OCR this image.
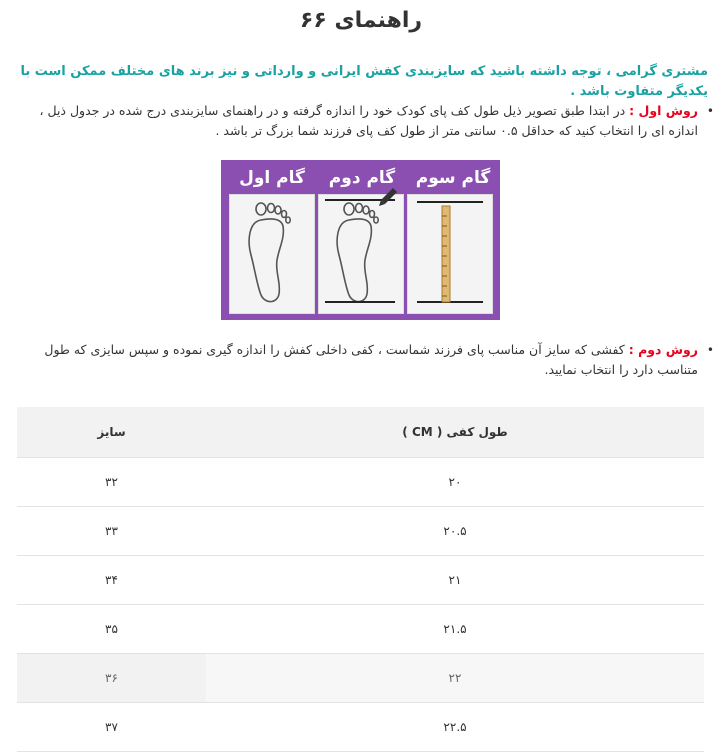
راهنمای ۶۶
مشتری گرامی ، توجه داشته باشید که سایزبندی کفش ایرانی و وارداتی و نیز برند های مختلف ممکن است با یکدیگر متفاوت باشد .
•
روش اول : در ابتدا طبق تصویر ذیل طول کف پای کودک خود را اندازه گرفته و در راهنمای سایزبندی درج شده در جدول ذیل ، اندازه ای را انتخاب کنید که حداقل ۰.۵ سانتی متر از طول کف پای فرزند شما بزرگ تر باشد .
گام اول	گام دوم	گام سوم
•
روش دوم : کفشی که سایز آن مناسب پای فرزند شماست ، کفی داخلی کفش را اندازه گیری نموده و سپس سایزی که طول متناسب دارد را انتخاب نمایید.
طول کفی ( CM )	سایز
۲۰	۳۲
۲۰.۵	۳۳
۲۱	۳۴
۲۱.۵	۳۵
۲۲	۳۶
۲۲.۵	۳۷
